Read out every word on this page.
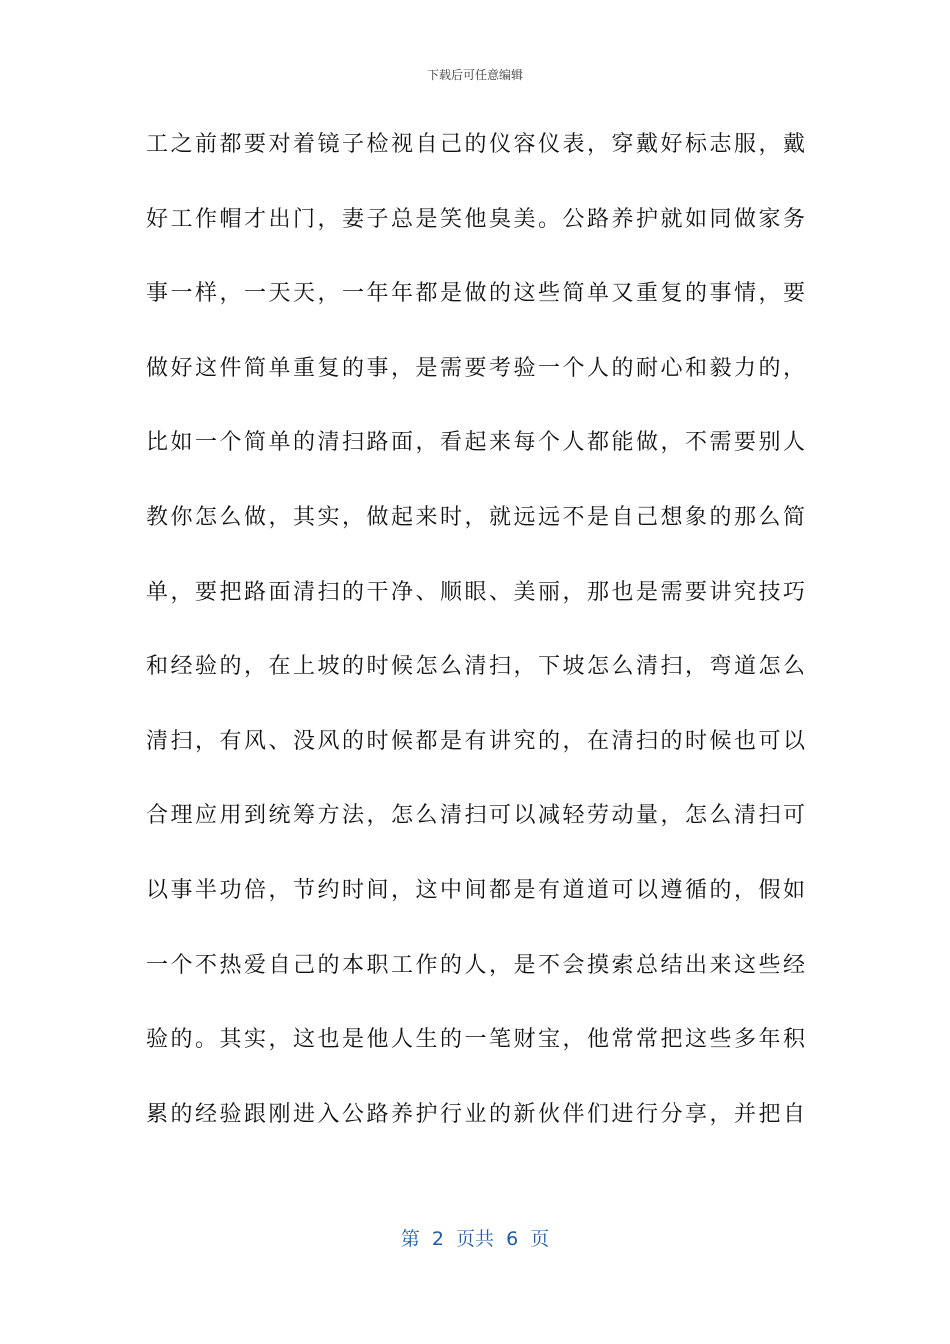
下载后可任意编辑
工之前都要对着镜子检视自己的仪容仪表，穿戴好标志服，戴
好工作帽才出门，妻子总是笑他臭美。公路养护就如同做家务
事一样，一天天，一年年都是做的这些简单又重复的事情，要
做好这件简单重复的事，是需要考验一个人的耐心和毅力的，
比如一个简单的清扫路面，看起来每个人都能做，不需要别人
教你怎么做，其实，做起来时，就远远不是自己想象的那么简
单，要把路面清扫的干净、顺眼、美丽，那也是需要讲究技巧
和经验的，在上坡的时候怎么清扫，下坡怎么清扫，弯道怎么
清扫，有风、没风的时候都是有讲究的，在清扫的时候也可以
合理应用到统筹方法，怎么清扫可以减轻劳动量，怎么清扫可
以事半功倍，节约时间，这中间都是有道道可以遵循的，假如
一个不热爱自己的本职工作的人，是不会摸索总结出来这些经
验的。其实，这也是他人生的一笔财宝，他常常把这些多年积
累的经验跟刚进入公路养护行业的新伙伴们进行分享，并把自
第  2  页共  6  页
